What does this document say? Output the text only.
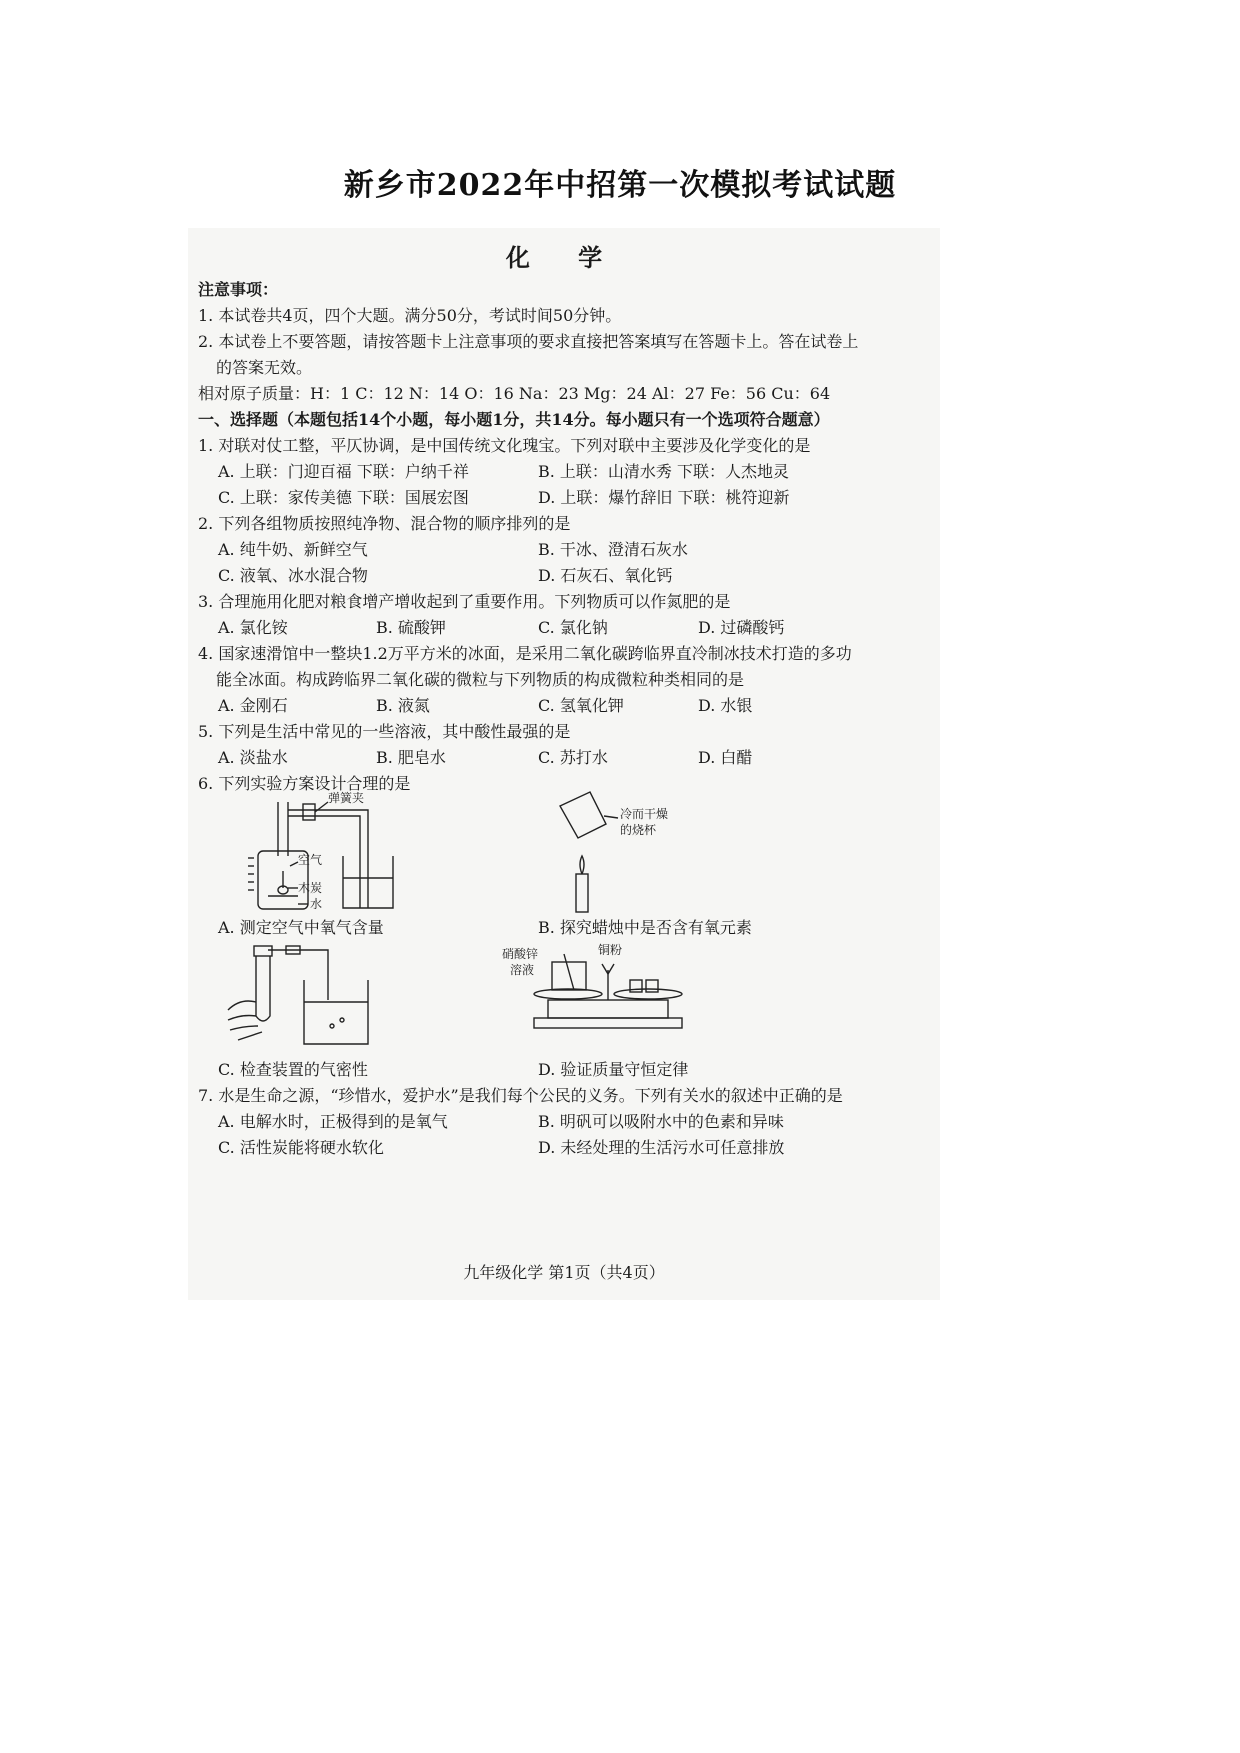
新乡市2022年中招第一次模拟考试试题
化 学
注意事项：
1. 本试卷共4页，四个大题。满分50分，考试时间50分钟。
2. 本试卷上不要答题，请按答题卡上注意事项的要求直接把答案填写在答题卡上。答在试卷上
的答案无效。
相对原子质量：H：1 C：12 N：14 O：16 Na：23 Mg：24 Al：27 Fe：56 Cu：64
一、选择题（本题包括14个小题，每小题1分，共14分。每小题只有一个选项符合题意）
1. 对联对仗工整，平仄协调，是中国传统文化瑰宝。下列对联中主要涉及化学变化的是
A. 上联：门迎百福 下联：户纳千祥	B. 上联：山清水秀 下联：人杰地灵
C. 上联：家传美德 下联：国展宏图	D. 上联：爆竹辞旧 下联：桃符迎新
2. 下列各组物质按照纯净物、混合物的顺序排列的是
A. 纯牛奶、新鲜空气	B. 干冰、澄清石灰水
C. 液氧、冰水混合物	D. 石灰石、氧化钙
3. 合理施用化肥对粮食增产增收起到了重要作用。下列物质可以作氮肥的是
A. 氯化铵	B. 硫酸钾	C. 氯化钠	D. 过磷酸钙
4. 国家速滑馆中一整块1.2万平方米的冰面，是采用二氧化碳跨临界直冷制冰技术打造的多功
能全冰面。构成跨临界二氧化碳的微粒与下列物质的构成微粒种类相同的是
A. 金刚石	B. 液氮	C. 氢氧化钾	D. 水银
5. 下列是生活中常见的一些溶液，其中酸性最强的是
A. 淡盐水	B. 肥皂水	C. 苏打水	D. 白醋
6. 下列实验方案设计合理的是
弹簧夹
空气
木炭
水
A. 测定空气中氧气含量
冷而干燥
的烧杯
B. 探究蜡烛中是否含有氧元素
C. 检查装置的气密性
硝酸锌
溶液
铜粉
D. 验证质量守恒定律
7. 水是生命之源，“珍惜水，爱护水”是我们每个公民的义务。下列有关水的叙述中正确的是
A. 电解水时，正极得到的是氧气	B. 明矾可以吸附水中的色素和异味
C. 活性炭能将硬水软化	D. 未经处理的生活污水可任意排放
九年级化学 第1页（共4页）
